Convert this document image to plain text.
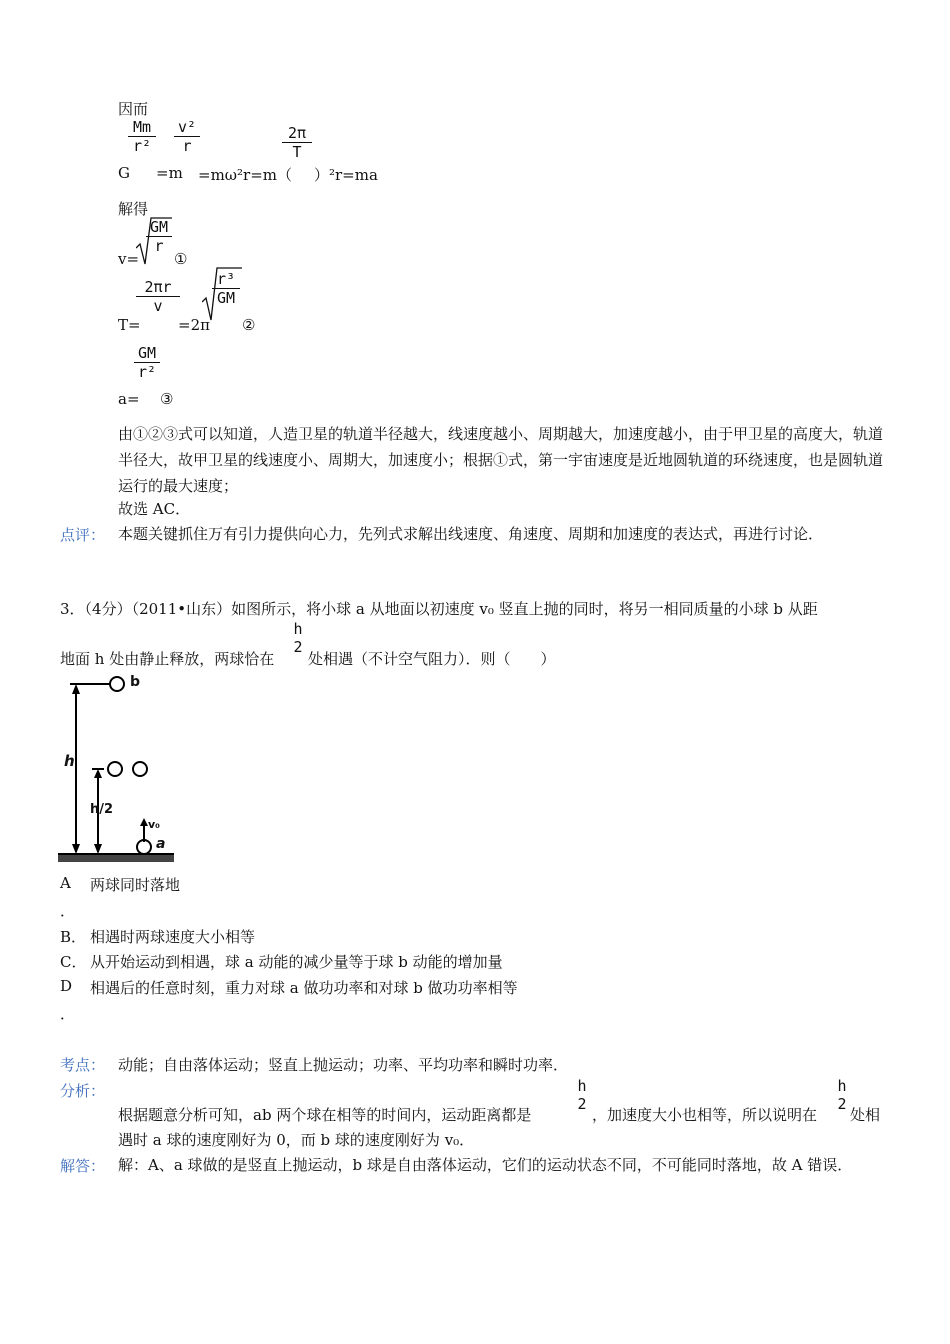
因而
G
$\frac{Mm}{\text{r²}}$
=m
$\frac{\text{v²}}{r}$
=mω²r=m（
$\frac{2\pi}{T}$
）²r=ma
解得
v=
$\frac{GM}{r}$
①
T=
$\frac{2\pi r}{v}$
=2π
$\frac{\text{r³}}{GM}$
②
a=
$\frac{GM}{\text{r²}}$
③
由①②③式可以知道，人造卫星的轨道半径越大，线速度越小、周期越大，加速度越小，由于甲卫星的高度大，轨道半径大，故甲卫星的线速度小、周期大，加速度小；根据①式，第一宇宙速度是近地圆轨道的环绕速度，也是圆轨道运行的最大速度；
故选 AC．
点评： 本题关键抓住万有引力提供向心力，先列式求解出线速度、角速度、周期和加速度的表达式，再进行讨论．
3．（4分）（2011•山东）如图所示，将小球 a 从地面以初速度 v₀ 竖直上抛的同时，将另一相同质量的小球 b 从距
地面 h 处由静止释放，两球恰在
h
2
处相遇（不计空气阻力）．则（　　）
b
h
h/2
v₀
a
A 两球同时落地
．
B． 相遇时两球速度大小相等
C． 从开始运动到相遇，球 a 动能的减少量等于球 b 动能的增加量
D 相遇后的任意时刻，重力对球 a 做功功率和对球 b 做功功率相等
．
考点： 动能；自由落体运动；竖直上抛运动；功率、平均功率和瞬时功率．
分析：
根据题意分析可知，ab 两个球在相等的时间内，运动距离都是
h
2
，加速度大小也相等，所以说明在
h
2
处相
遇时 a 球的速度刚好为 0，而 b 球的速度刚好为 v₀．
解答： 解：A、a 球做的是竖直上抛运动，b 球是自由落体运动，它们的运动状态不同，不可能同时落地，故 A 错误．
